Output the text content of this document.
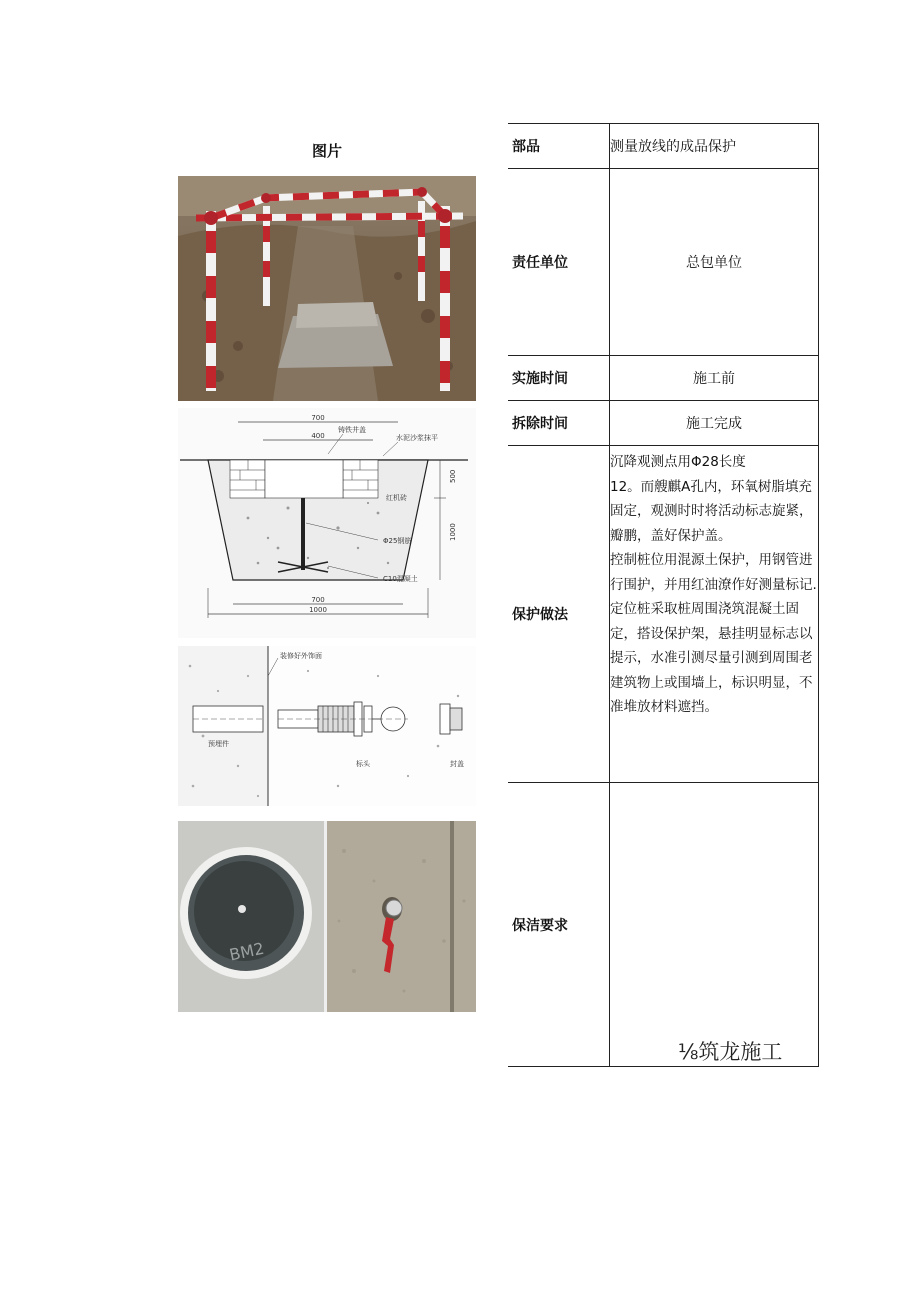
图片
700
400
铸铁井盖
水泥沙浆抹平
红机砖
Φ25钢筋
C10混凝土
500
1000
700
1000
装修好外饰面
预埋件
标头	封盖
BM2
部品	测量放线的成品保护
责任单位	总包单位
实施时间	施工前
拆除时间	施工完成
保护做法	沉降观测点用Φ28长度

12。而艘麒A孔内，环氧树脂填充固定，观测时时将活动标志旋紧，瓣鹏，盖好保护盖。

控制桩位用混源土保护，用钢管进行围护，并用红油潦作好测量标记.

定位桩采取桩周围浇筑混凝土固定，搭设保护架，悬挂明显标志以提示，水准引测尽量引测到周围老建筑物上或围墙上，标识明显，不准堆放材料遮挡。

保洁要求	
⅛筑龙施工
